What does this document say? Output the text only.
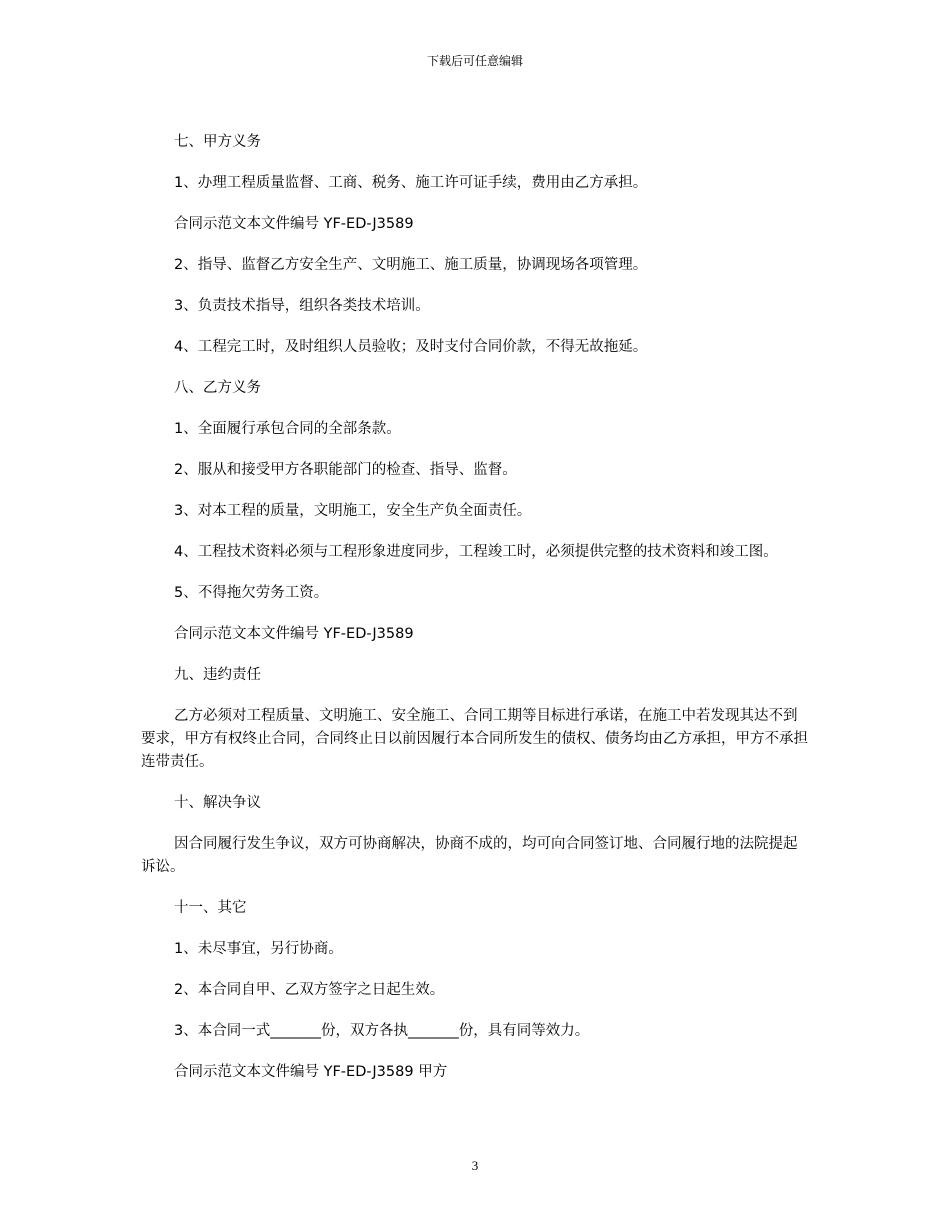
下载后可任意编辑

七、甲方义务

1、办理工程质量监督、工商、税务、施工许可证手续，费用由乙方承担。

合同示范文本文件编号 YF-ED-J3589

2、指导、监督乙方安全生产、文明施工、施工质量，协调现场各项管理。

3、负责技术指导，组织各类技术培训。

4、工程完工时，及时组织人员验收；及时支付合同价款，不得无故拖延。

八、乙方义务

1、全面履行承包合同的全部条款。

2、服从和接受甲方各职能部门的检查、指导、监督。

3、对本工程的质量，文明施工，安全生产负全面责任。

4、工程技术资料必须与工程形象进度同步，工程竣工时，必须提供完整的技术资料和竣工图。

5、不得拖欠劳务工资。

合同示范文本文件编号 YF-ED-J3589

九、违约责任

乙方必须对工程质量、文明施工、安全施工、合同工期等目标进行承诺，在施工中若发现其达不到要求，甲方有权终止合同，合同终止日以前因履行本合同所发生的债权、债务均由乙方承担，甲方不承担连带责任。

十、解决争议

因合同履行发生争议，双方可协商解决，协商不成的，均可向合同签订地、合同履行地的法院提起诉讼。

十一、其它

1、未尽事宜，另行协商。

2、本合同自甲、乙双方签字之日起生效。

3、本合同一式_______份，双方各执_______份，具有同等效力。

合同示范文本文件编号 YF-ED-J3589 甲方

3
